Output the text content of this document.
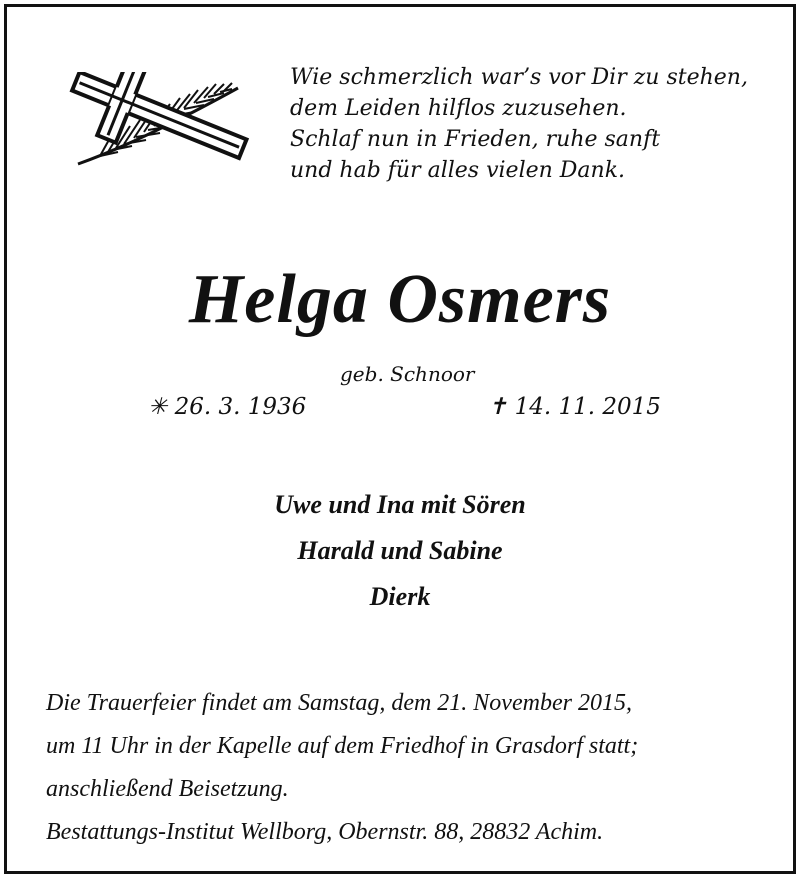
Wie schmerzlich war’s vor Dir zu stehen,
dem Leiden hilflos zuzusehen.
Schlaf nun in Frieden, ruhe sanft
und hab für alles vielen Dank.
Helga Osmers
geb. Schnoor
✳ 26. 3. 1936	✝ 14. 11. 2015
Uwe und Ina mit Sören
Harald und Sabine
Dierk
Die Trauerfeier findet am Samstag, dem 21. November 2015,
um 11 Uhr in der Kapelle auf dem Friedhof in Grasdorf statt;
anschließend Beisetzung.
Bestattungs-Institut Wellborg, Obernstr. 88, 28832 Achim.
